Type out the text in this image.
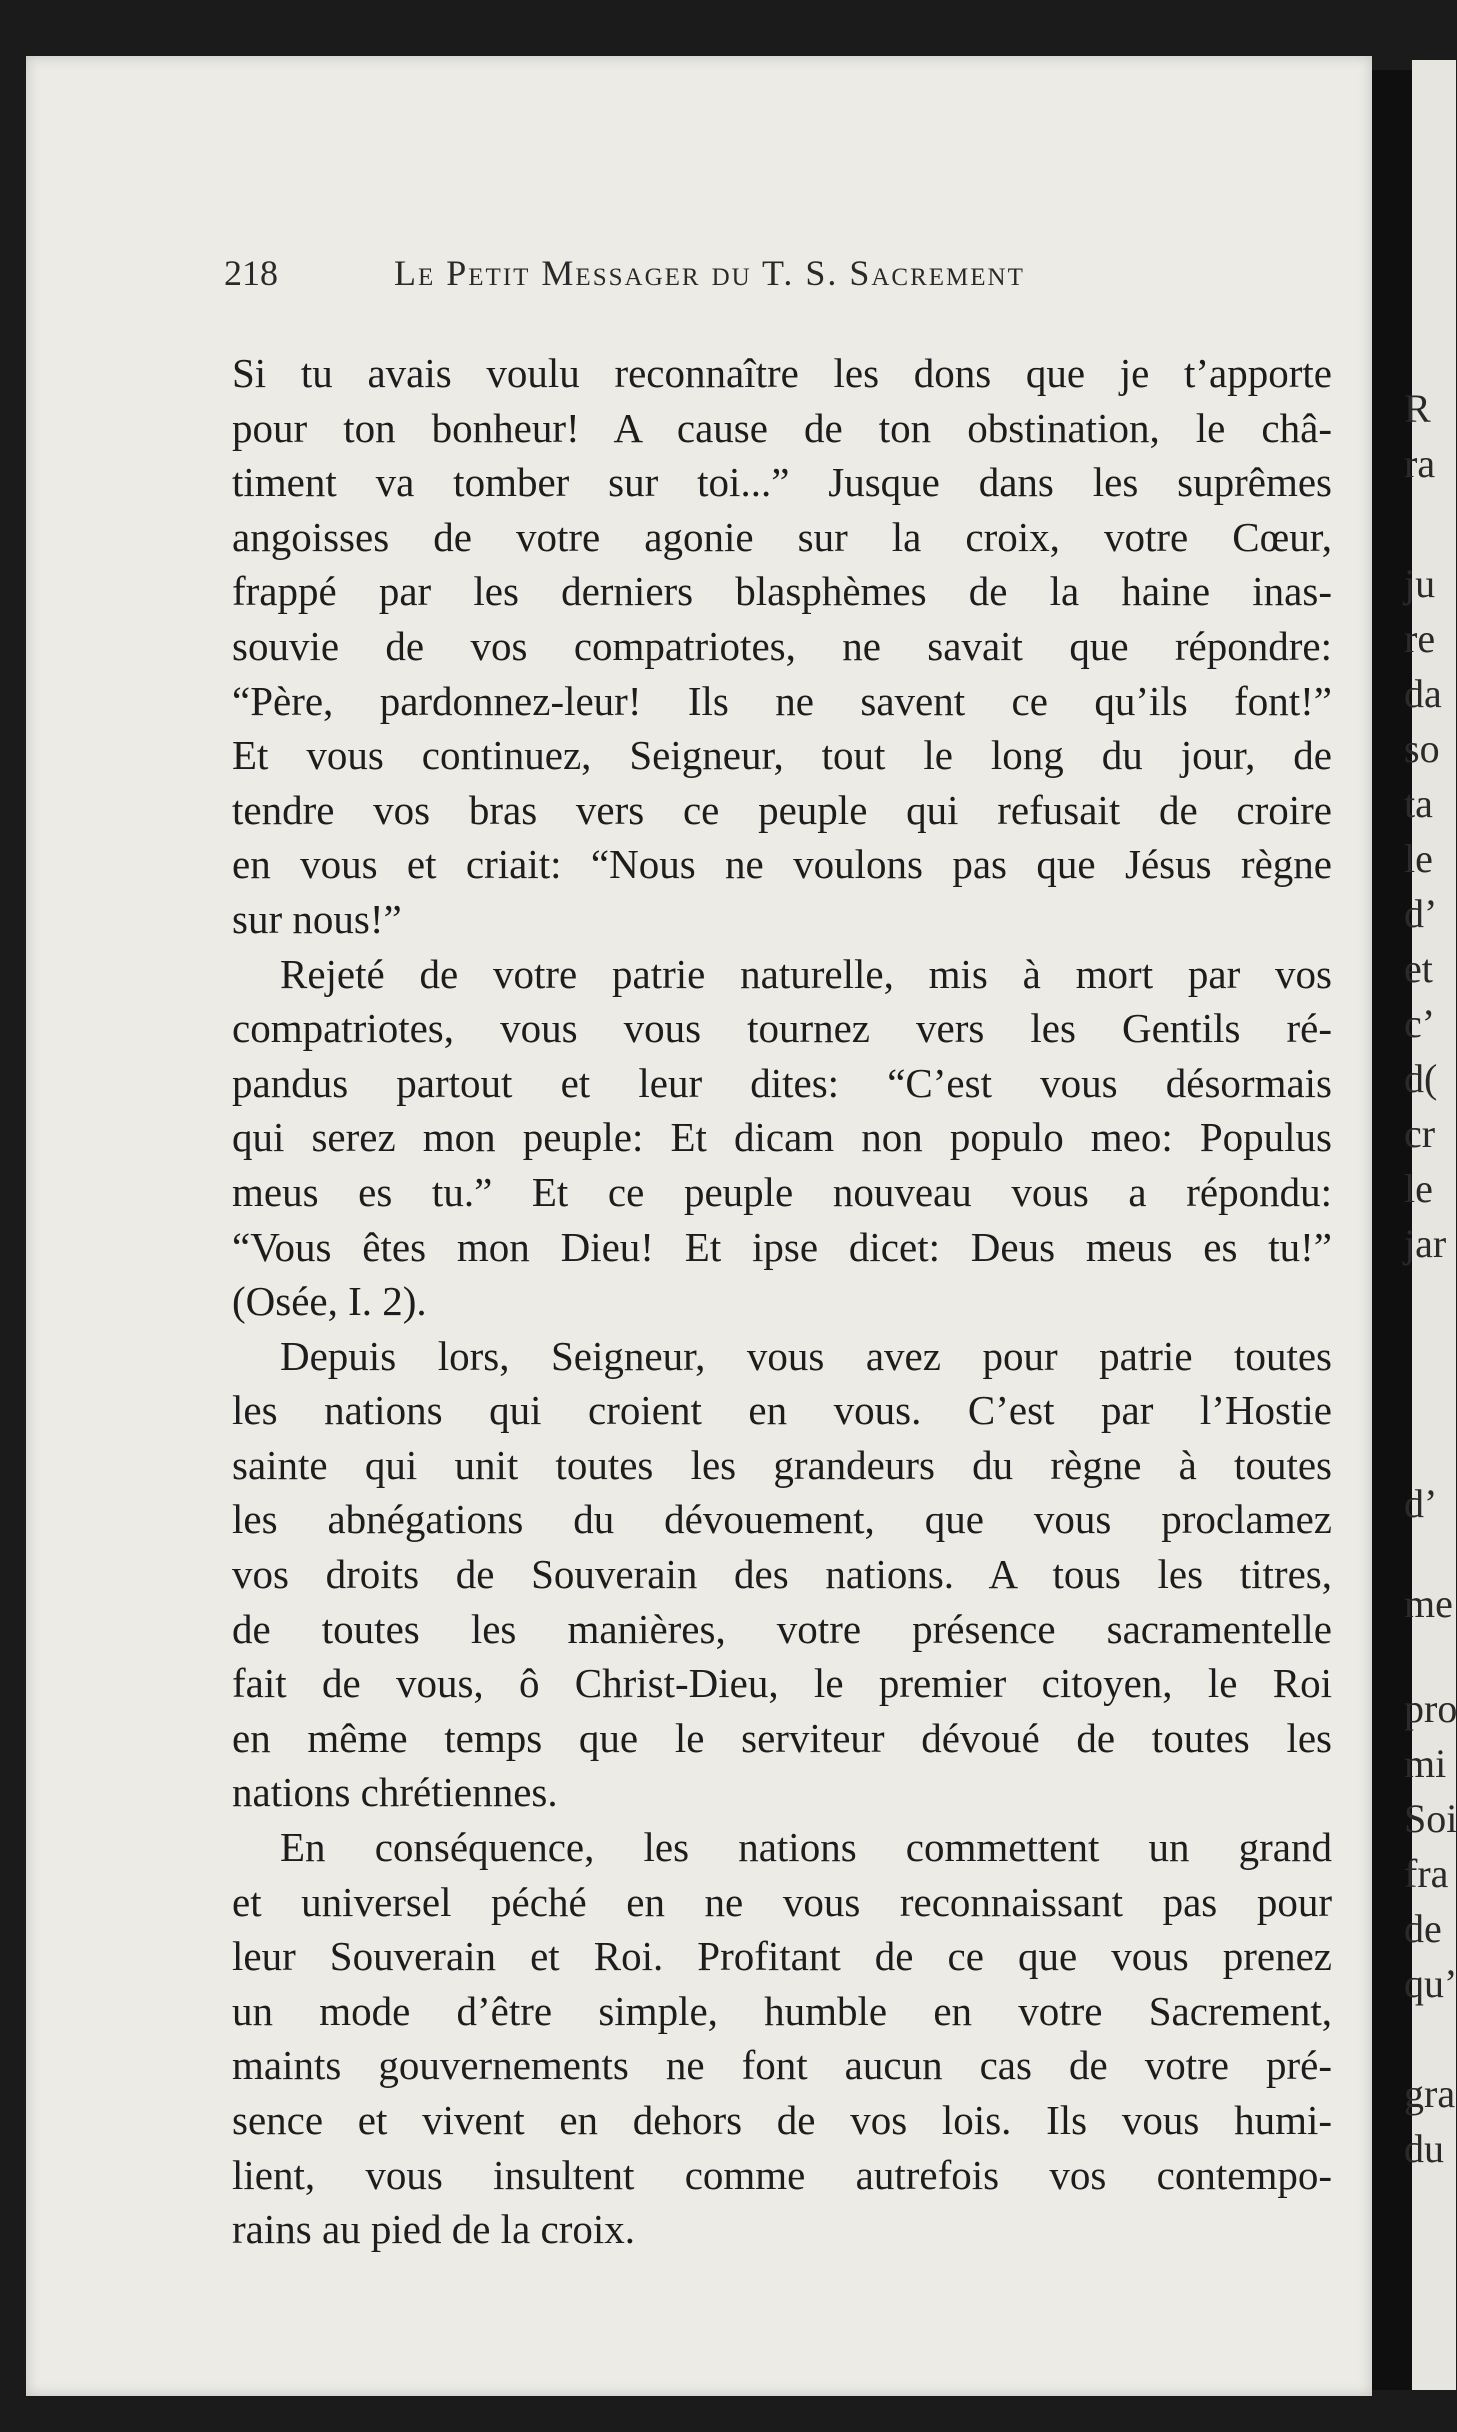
R
ra
ju
re
da
so
ta
le
d’
et
c’
d(
cr
le
jar
d’
me
pro
mi
Soi
fra
de
qu’
gra
du
218	Le Petit Messager du T. S. Sacrement
Si tu avais voulu reconnaître les dons que je t’apporte
pour ton bonheur! A cause de ton obstination, le châ-
timent va tomber sur toi...” Jusque dans les suprêmes
angoisses de votre agonie sur la croix, votre Cœur,
frappé par les derniers blasphèmes de la haine inas-
souvie de vos compatriotes, ne savait que répondre:
“Père, pardonnez-leur! Ils ne savent ce qu’ils font!”
Et vous continuez, Seigneur, tout le long du jour, de
tendre vos bras vers ce peuple qui refusait de croire
en vous et criait: “Nous ne voulons pas que Jésus règne
sur nous!”
Rejeté de votre patrie naturelle, mis à mort par vos
compatriotes, vous vous tournez vers les Gentils ré-
pandus partout et leur dites: “C’est vous désormais
qui serez mon peuple: Et dicam non populo meo: Populus
meus es tu.” Et ce peuple nouveau vous a répondu:
“Vous êtes mon Dieu! Et ipse dicet: Deus meus es tu!”
(Osée, I. 2).
Depuis lors, Seigneur, vous avez pour patrie toutes
les nations qui croient en vous. C’est par l’Hostie
sainte qui unit toutes les grandeurs du règne à toutes
les abnégations du dévouement, que vous proclamez
vos droits de Souverain des nations. A tous les titres,
de toutes les manières, votre présence sacramentelle
fait de vous, ô Christ-Dieu, le premier citoyen, le Roi
en même temps que le serviteur dévoué de toutes les
nations chrétiennes.
En conséquence, les nations commettent un grand
et universel péché en ne vous reconnaissant pas pour
leur Souverain et Roi. Profitant de ce que vous prenez
un mode d’être simple, humble en votre Sacrement,
maints gouvernements ne font aucun cas de votre pré-
sence et vivent en dehors de vos lois. Ils vous humi-
lient, vous insultent comme autrefois vos contempo-
rains au pied de la croix.
